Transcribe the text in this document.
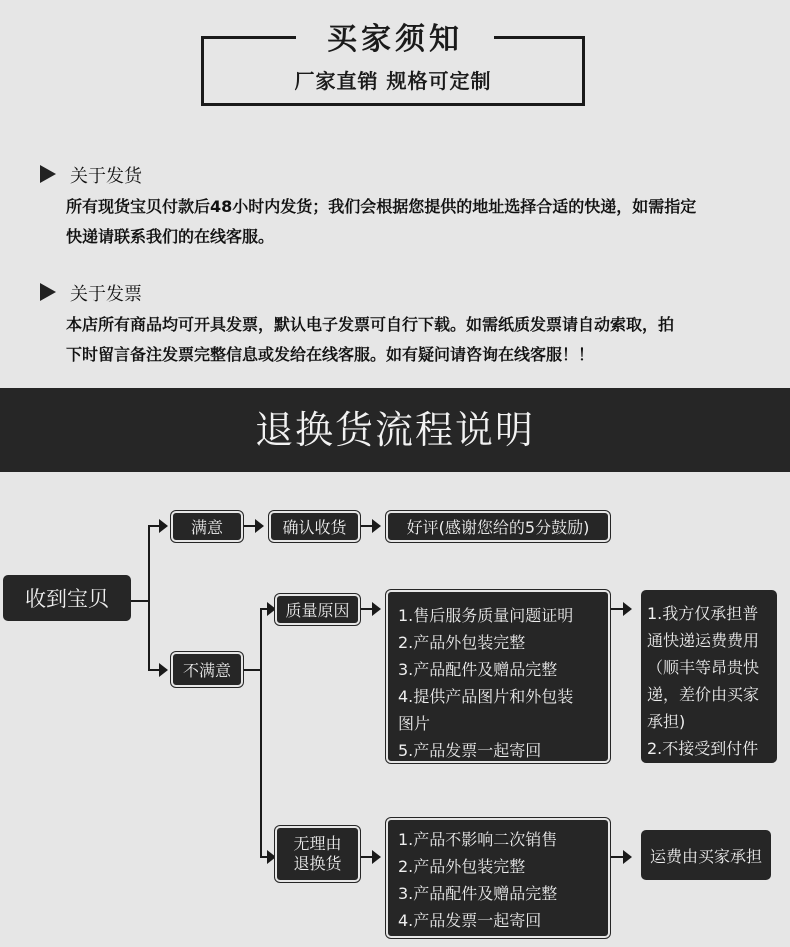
买家须知
厂家直销 规格可定制
关于发货
所有现货宝贝付款后48小时内发货；我们会根据您提供的地址选择合适的快递，如需指定
快递请联系我们的在线客服。
关于发票
本店所有商品均可开具发票，默认电子发票可自行下载。如需纸质发票请自动索取，拍
下时留言备注发票完整信息或发给在线客服。如有疑问请咨询在线客服！！
退换货流程说明
收到宝贝
满意	确认收货	好评(感谢您给的5分鼓励)
不满意
质量原因	1.售后服务质量问题证明
2.产品外包装完整
3.产品配件及赠品完整
4.提供产品图片和外包装
图片
5.产品发票一起寄回
1.我方仅承担普
通快递运费费用
（顺丰等昂贵快
递，差价由买家
承担)
2.不接受到付件
无理由
退换货
1.产品不影响二次销售
2.产品外包装完整
3.产品配件及赠品完整
4.产品发票一起寄回
运费由买家承担
